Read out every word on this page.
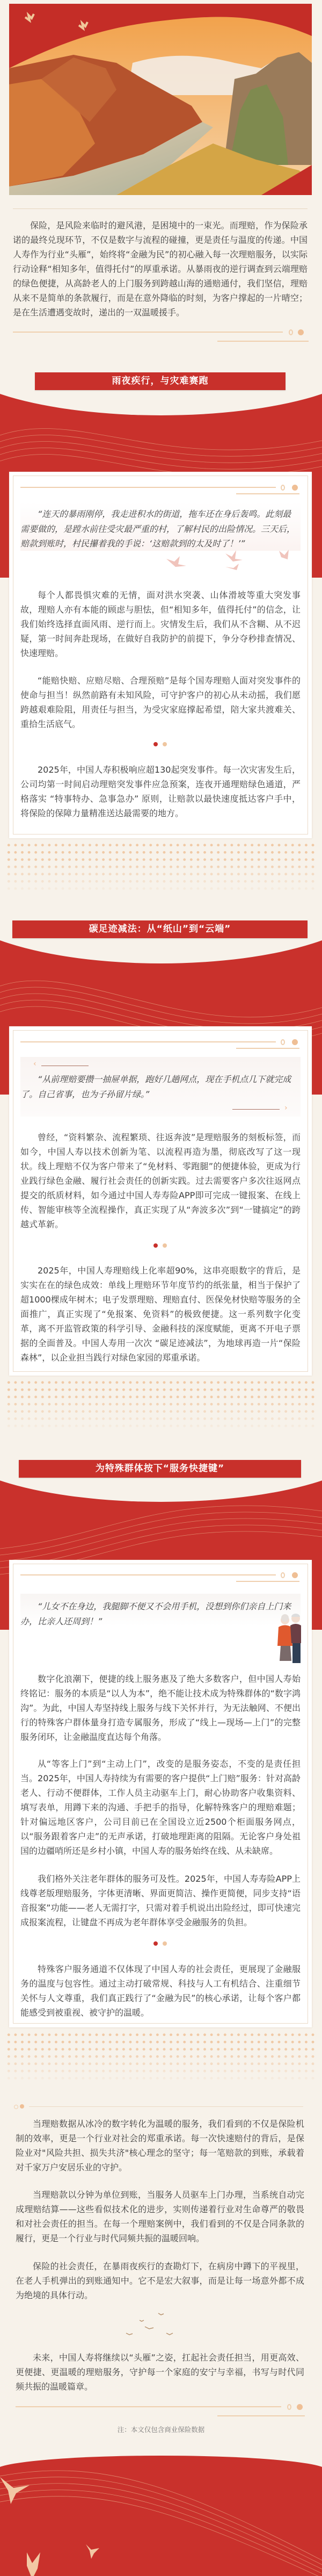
保险，是风险来临时的避风港，是困境中的一束光。而理赔，作为保险承诺的最终兑现环节，不仅是数字与流程的碰撞，更是责任与温度的传递。中国人寿作为行业“头雁”，始终将“金融为民”的初心融入每一次理赔服务，以实际行动诠释“相知多年，值得托付”的厚重承诺。从暴雨夜的逆行调查到云端理赔的绿色便捷，从高龄老人的上门服务到跨越山海的通赔通付，我们坚信，理赔从来不是简单的条款履行，而是在意外降临的时刻，为客户撑起的一片晴空；是在生活遭遇变故时，递出的一双温暖援手。

雨夜疾行，与灾难赛跑

“连天的暴雨刚停，我走进积水的街道，拖车还在身后轰鸣。此刻最需要做的，是蹚水前往受灾最严重的村，了解村民的出险情况。三天后，赔款到账时，村民攥着我的手说：‘这赔款到的太及时了！’”

每个人都畏惧灾难的无情，面对洪水突袭、山体滑坡等重大突发事故，理赔人亦有本能的顾虑与胆怯，但“相知多年，值得托付”的信念，让我们始终选择直面风雨、逆行而上。灾情发生后，我们从不含糊、从不迟疑，第一时间奔赴现场，在做好自我防护的前提下，争分夺秒排查情况、快速理赔。

“能赔快赔、应赔尽赔、合理预赔”是每个国寿理赔人面对突发事件的使命与担当！纵然前路有未知风险，可守护客户的初心从未动摇，我们愿跨越艰难险阻，用责任与担当，为受灾家庭撑起希望，陪大家共渡难关、重拾生活底气。

2025年，中国人寿积极响应超130起突发事件。每一次灾害发生后，公司均第一时间启动理赔突发事件应急预案，连夜开通理赔绿色通道，严格落实 “特事特办、急事急办” 原则，让赔款以最快速度抵达客户手中，将保险的保障力量精准送达最需要的地方。

碳足迹减法：从“纸山”到“云端”
‹

“从前理赔要攒一抽屉单据，跑好几趟网点，现在手机点几下就完成了。自己省事，也为子孙留片绿。”

›

曾经，“资料繁杂、流程繁琐、往返奔波”是理赔服务的刻板标签，而如今，中国人寿以技术创新为笔、以流程再造为墨，彻底改写了这一现状。线上理赔不仅为客户带来了“免材料、零跑腿”的便捷体验，更成为行业践行绿色金融、履行社会责任的创新实践。过去需要客户多次往返网点提交的纸质材料，如今通过中国人寿寿险APP即可完成一键报案、在线上传、智能审核等全流程操作，真正实现了从“奔波多次”到“一键搞定”的跨越式革新。

2025年，中国人寿理赔线上化率超90%，这串亮眼数字的背后，是实实在在的绿色成效：单线上理赔环节年度节约的纸张量，相当于保护了超1000棵成年树木；电子发票理赔、理赔直付、医保免材快赔等服务的全面推广，真正实现了“免报案、免资料”的极致便捷。这一系列数字化变革，离不开监管政策的科学引导、金融科技的深度赋能，更离不开电子票据的全面普及。中国人寿用一次次 “碳足迹减法”，为地球再造一片“保险森林”，以企业担当践行对绿色家园的郑重承诺。

为特殊群体按下“服务快捷键”

“儿女不在身边，我腿脚不便又不会用手机，没想到你们亲自上门来办，比亲人还周到！”

数字化浪潮下，便捷的线上服务惠及了绝大多数客户，但中国人寿始终铭记：服务的本质是“以人为本”，绝不能让技术成为特殊群体的“数字鸿沟”。为此，中国人寿坚持线上服务与线下关怀并行，为无法触网、不便出行的特殊客户群体量身打造专属服务，形成了“线上—现场—上门”的完整服务闭环，让金融温度直达每个角落。

从“等客上门”到“主动上门”，改变的是服务姿态，不变的是责任担当。2025年，中国人寿持续为有需要的客户提供“上门赔”服务：针对高龄老人、行动不便群体，工作人员主动驱车上门，耐心协助客户收集资料、填写表单，用蹲下来的沟通、手把手的指导，化解特殊客户的理赔难题；针对偏远地区客户，公司目前已在全国设立近2500个柜面服务网点，以“服务跟着客户走”的无声承诺，打破地理距离的阻隔。无论客户身处祖国的边疆哨所还是乡村小镇，中国人寿的服务始终在线、从未缺席。

我们格外关注老年群体的服务可及性。2025年，中国人寿寿险APP上线尊老版理赔服务，字体更清晰、界面更简洁、操作更简便，同步支持“语音报案”功能——老人无需打字，只需对着手机说出出险经过，即可快速完成报案流程，让键盘不再成为老年群体享受金融服务的负担。

特殊客户服务通道不仅体现了中国人寿的社会责任，更展现了金融服务的温度与包容性。通过主动打破常规、科技与人工有机结合、注重细节关怀与人文尊重，我们真正践行了“金融为民”的核心承诺，让每个客户都能感受到被重视、被守护的温暖。

当理赔数据从冰冷的数字转化为温暖的服务，我们看到的不仅是保险机制的效率，更是一个行业对社会的郑重承诺。每一次快速赔付的背后，是保险业对"风险共担、损失共济"核心理念的坚守；每一笔赔款的到账，承载着对千家万户安居乐业的守护。

当理赔款以分钟为单位到账，当服务人员驱车上门办理，当系统自动完成理赔结算——这些看似技术化的进步，实则传递着行业对生命尊严的敬畏和对社会责任的担当。在每一个理赔案例中，我们看到的不仅是合同条款的履行，更是一个行业与时代同频共振的温暖回响。

保险的社会责任，在暴雨夜疾行的查勘灯下，在病房中蹲下的平视里，在老人手机弹出的到账通知中。它不是宏大叙事，而是让每一场意外都不成为绝境的具体行动。

未来，中国人寿将继续以“头雁”之姿，扛起社会责任担当，用更高效、更便捷、更温暖的理赔服务，守护每一个家庭的安宁与幸福，书写与时代同频共振的温暖篇章。

注：本文仅包含商业保险数据
